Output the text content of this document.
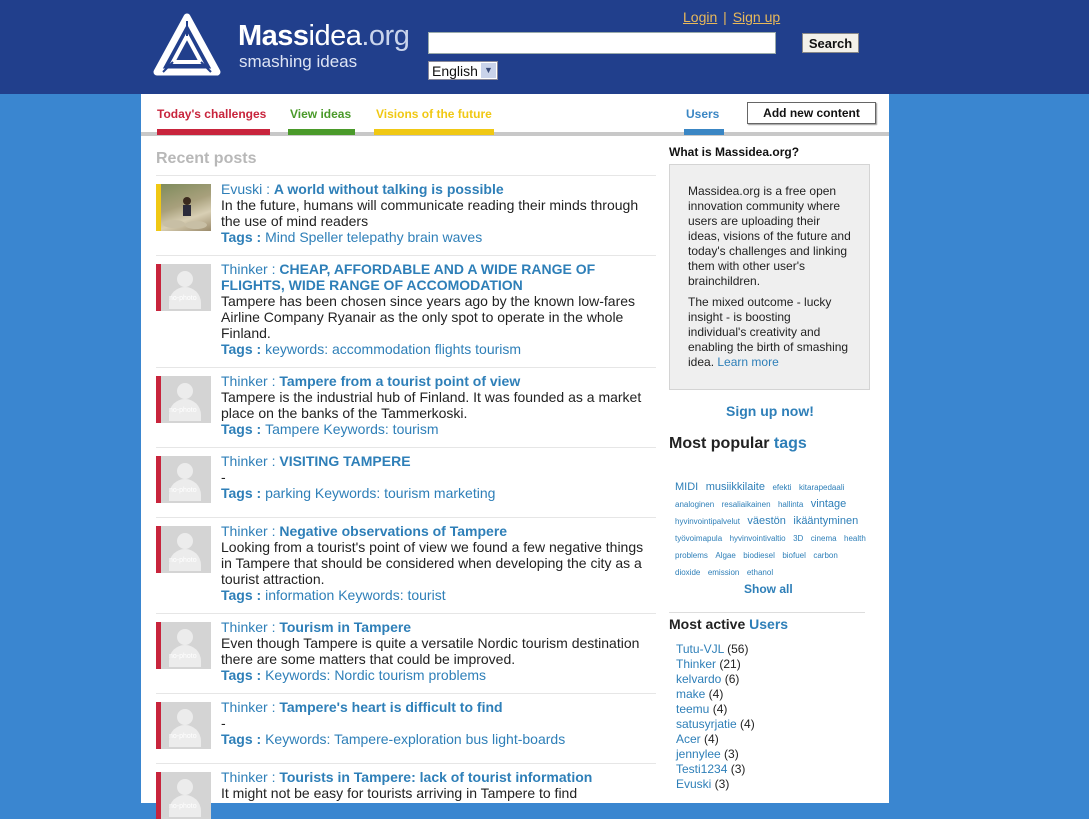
Massidea.org
smashing ideas
Login | Sign up
Search
English ▼
Today's challenges View ideas Visions of the future	Users	Add new content
Recent posts
Evuski : A world without talking is possible
In the future, humans will communicate reading their minds through the use of mind readers
Tags : Mind Speller telepathy brain waves
no-photo
Thinker : CHEAP, AFFORDABLE AND A WIDE RANGE OF FLIGHTS, WIDE RANGE OF ACCOMODATION
Tampere has been chosen since years ago by the known low-fares Airline Company Ryanair as the only spot to operate in the whole Finland.
Tags : keywords: accommodation flights tourism
no-photo
Thinker : Tampere from a tourist point of view
Tampere is the industrial hub of Finland. It was founded as a market place on the banks of the Tammerkoski.
Tags : Tampere Keywords: tourism
no-photo
Thinker : VISITING TAMPERE
-
Tags : parking Keywords: tourism marketing
no-photo
Thinker : Negative observations of Tampere
Looking from a tourist's point of view we found a few negative things in Tampere that should be considered when developing the city as a tourist attraction.
Tags : information Keywords: tourist
no-photo
Thinker : Tourism in Tampere
Even though Tampere is quite a versatile Nordic tourism destination there are some matters that could be improved.
Tags : Keywords: Nordic tourism problems
no-photo
Thinker : Tampere's heart is difficult to find
-
Tags : Keywords: Tampere-exploration bus light-boards
no-photo
Thinker : Tourists in Tampere: lack of tourist information
It might not be easy for tourists arriving in Tampere to find
What is Massidea.org?

Massidea.org is a free open innovation community where users are uploading their ideas, visions of the future and today's challenges and linking them with other user's brainchildren.

The mixed outcome - lucky insight - is boosting individual's creativity and enabling the birth of smashing idea. Learn more

Sign up now!
Most popular tags
MIDI musiikkilaite efekti kitarapedaali analoginen resaliaikainen hallinta vintage hyvinvointipalvelut väestön ikääntyminen työvoimapula hyvinvointivaltio 3D cinema health problems Algae biodiesel biofuel carbon dioxide emission ethanol
Show all
Most active Users
Tutu-VJL (56)
Thinker (21)
kelvardo (6)
make (4)
teemu (4)
satusyrjatie (4)
Acer (4)
jennylee (3)
Testi1234 (3)
Evuski (3)
